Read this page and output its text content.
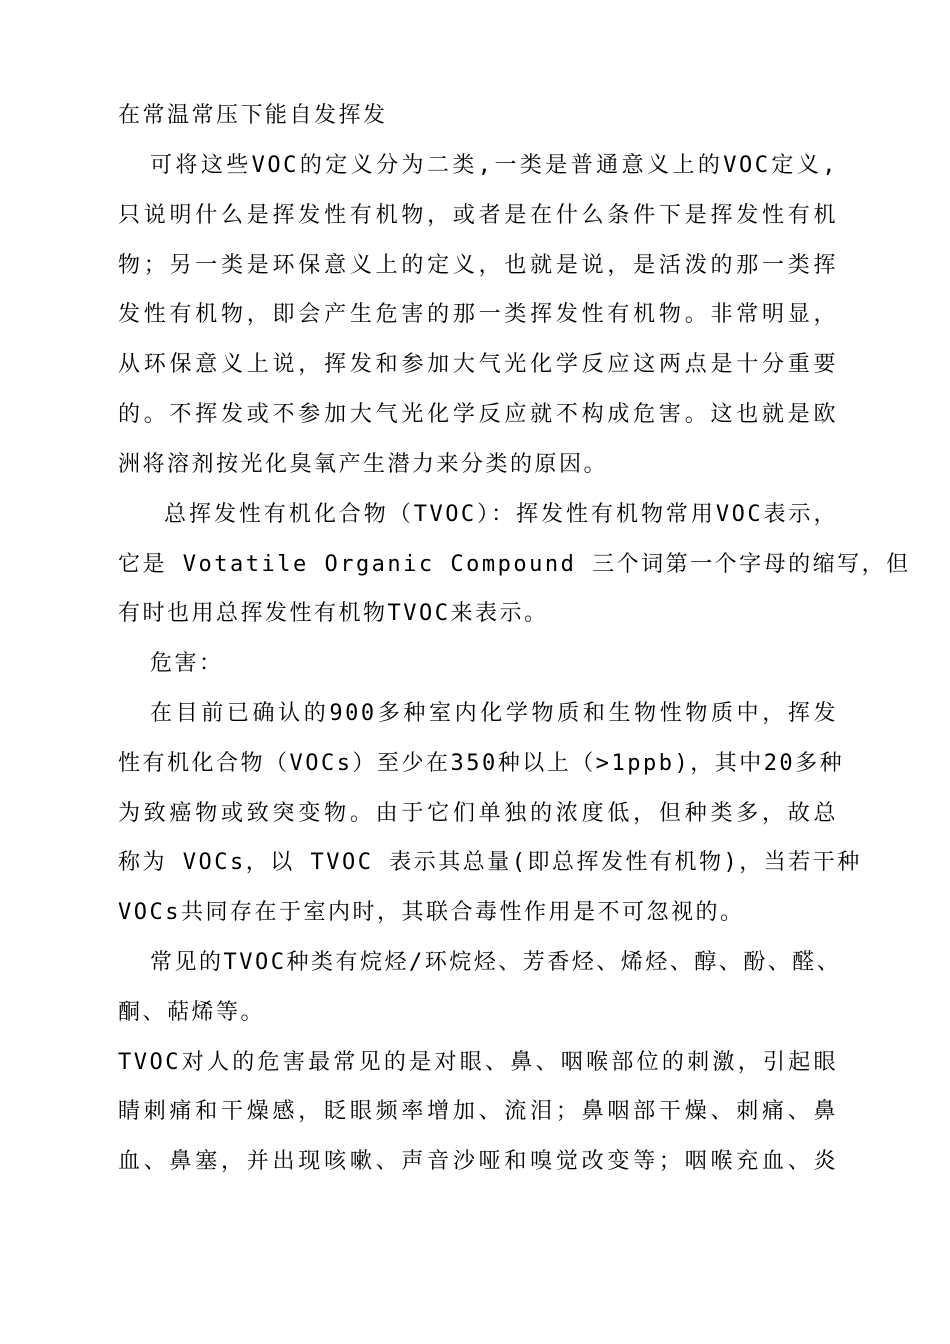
在常温常压下能自发挥发
可将这些VOC的定义分为二类,一类是普通意义上的VOC定义,
只说明什么是挥发性有机物，或者是在什么条件下是挥发性有机
物；另一类是环保意义上的定义，也就是说，是活泼的那一类挥
发性有机物，即会产生危害的那一类挥发性有机物。非常明显，
从环保意义上说，挥发和参加大气光化学反应这两点是十分重要
的。不挥发或不参加大气光化学反应就不构成危害。这也就是欧
洲将溶剂按光化臭氧产生潜力来分类的原因。
总挥发性有机化合物（TVOC）：挥发性有机物常用VOC表示，
它是 Votatile Organic Compound 三个词第一个字母的缩写，但
有时也用总挥发性有机物TVOC来表示。
危害：
在目前已确认的900多种室内化学物质和生物性物质中，挥发
性有机化合物（VOCs）至少在350种以上（>1ppb)，其中20多种
为致癌物或致突变物。由于它们单独的浓度低，但种类多，故总
称为 VOCs，以 TVOC 表示其总量(即总挥发性有机物)，当若干种
VOCs共同存在于室内时，其联合毒性作用是不可忽视的。
常见的TVOC种类有烷烃/环烷烃、芳香烃、烯烃、醇、酚、醛、
酮、萜烯等。
TVOC对人的危害最常见的是对眼、鼻、咽喉部位的刺激，引起眼
睛刺痛和干燥感，眨眼频率增加、流泪；鼻咽部干燥、刺痛、鼻
血、鼻塞，并出现咳嗽、声音沙哑和嗅觉改变等；咽喉充血、炎
